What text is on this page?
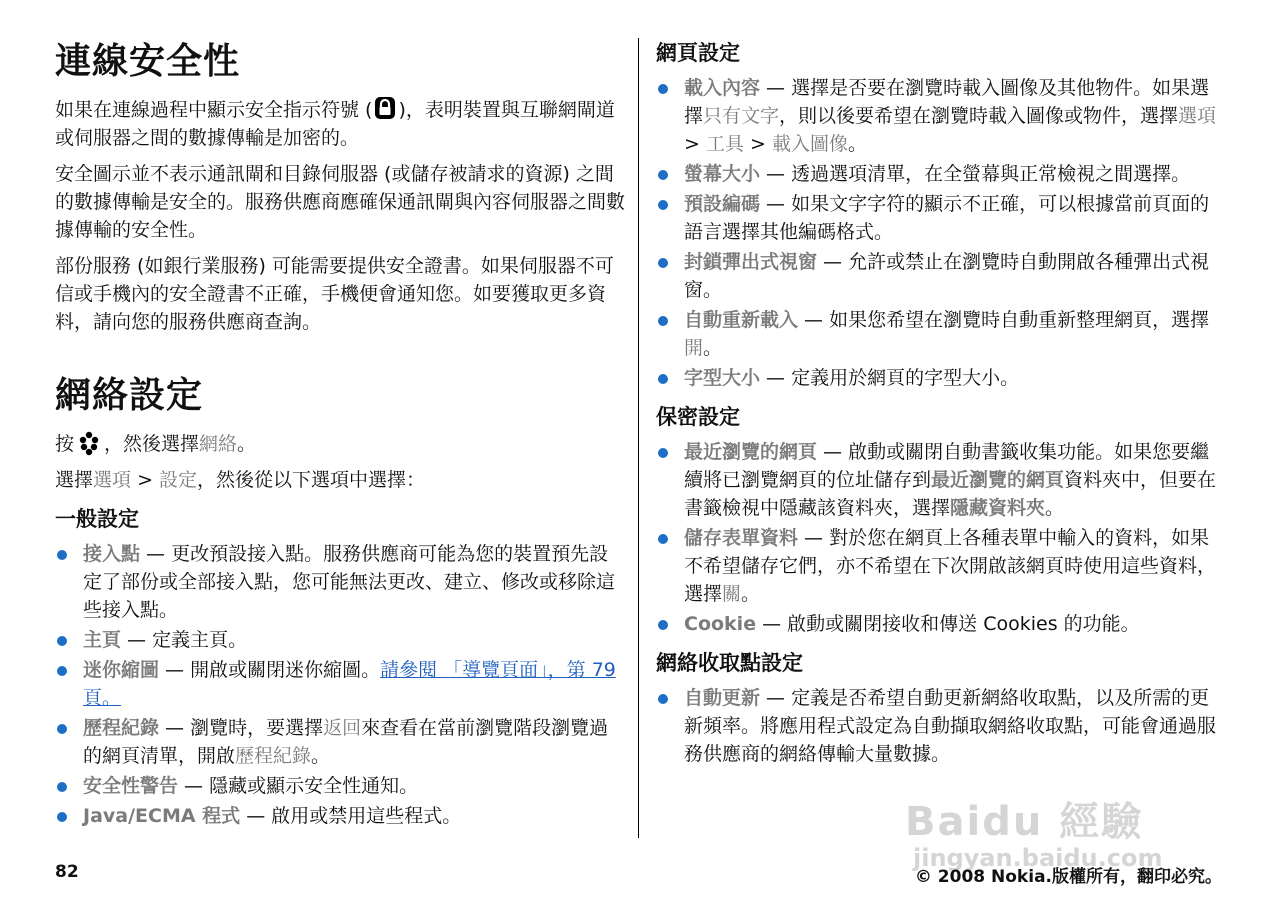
連線安全性

如果在連線過程中顯示安全指示符號 ( )，表明裝置與互聯網閘道或伺服器之間的數據傳輸是加密的。

安全圖示並不表示通訊閘和目錄伺服器 (或儲存被請求的資源) 之間的數據傳輸是安全的。服務供應商應確保通訊閘與內容伺服器之間數據傳輸的安全性。

部份服務 (如銀行業服務) 可能需要提供安全證書。如果伺服器不可信或手機內的安全證書不正確，手機便會通知您。如要獲取更多資料，請向您的服務供應商查詢。

網絡設定

按 ，然後選擇網絡。

選擇選項 > 設定，然後從以下選項中選擇：

一般設定
接入點 — 更改預設接入點。服務供應商可能為您的裝置預先設定了部份或全部接入點，您可能無法更改、建立、修改或移除這些接入點。
主頁 — 定義主頁。
迷你縮圖 — 開啟或關閉迷你縮圖。請參閱 「導覽頁面」，第 79 頁。
歷程紀錄 — 瀏覽時，要選擇返回來查看在當前瀏覽階段瀏覽過的網頁清單，開啟歷程紀錄。
安全性警告 — 隱藏或顯示安全性通知。
Java/ECMA 程式 — 啟用或禁用這些程式。
網頁設定
載入內容 — 選擇是否要在瀏覽時載入圖像及其他物件。如果選擇只有文字，則以後要希望在瀏覽時載入圖像或物件，選擇選項 > 工具 > 載入圖像。
螢幕大小 — 透過選項清單，在全螢幕與正常檢視之間選擇。
預設編碼 — 如果文字字符的顯示不正確，可以根據當前頁面的語言選擇其他編碼格式。
封鎖彈出式視窗 — 允許或禁止在瀏覽時自動開啟各種彈出式視窗。
自動重新載入 — 如果您希望在瀏覽時自動重新整理網頁，選擇開。
字型大小 — 定義用於網頁的字型大小。
保密設定
最近瀏覽的網頁 — 啟動或關閉自動書籤收集功能。如果您要繼續將已瀏覽網頁的位址儲存到最近瀏覽的網頁資料夾中，但要在書籤檢視中隱藏該資料夾，選擇隱藏資料夾。
儲存表單資料 — 對於您在網頁上各種表單中輸入的資料，如果不希望儲存它們，亦不希望在下次開啟該網頁時使用這些資料，選擇關。
Cookie — 啟動或關閉接收和傳送 Cookies 的功能。
網絡收取點設定
自動更新 — 定義是否希望自動更新網絡收取點，以及所需的更新頻率。將應用程式設定為自動擷取網絡收取點，可能會通過服務供應商的網絡傳輸大量數據。
Baidu 經驗
jingyan.baidu.com
82	© 2008 Nokia.版權所有，翻印必究。
